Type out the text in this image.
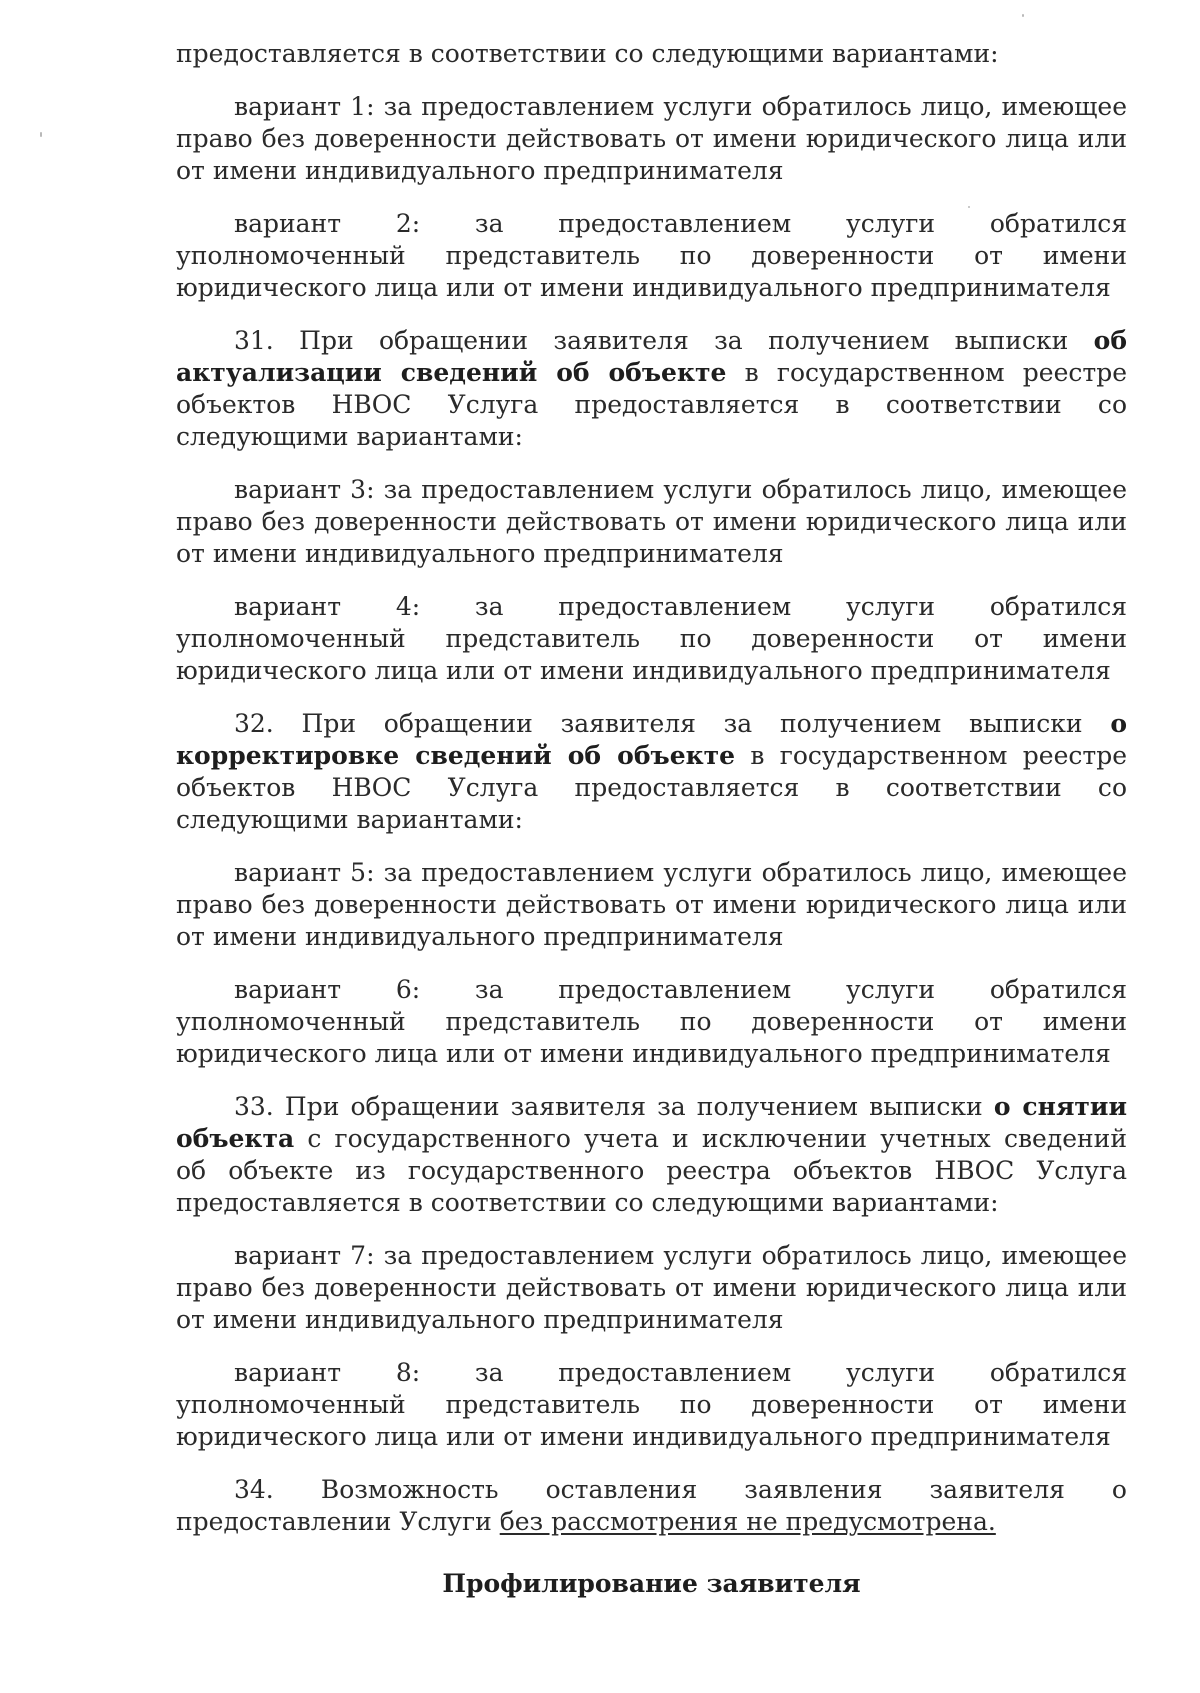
предоставляется в соответствии со следующими вариантами:

вариант 1: за предоставлением услуги обратилось лицо, имеющее право без доверенности действовать от имени юридического лица или от имени индивидуального предпринимателя

вариант 2: за предоставлением услуги обратился уполномоченный представитель по доверенности от имени юридического лица или от имени индивидуального предпринимателя

31. При обращении заявителя за получением выписки об актуализации сведений об объекте в государственном реестре объектов НВОС Услуга предоставляется в соответствии со следующими вариантами:

вариант 3: за предоставлением услуги обратилось лицо, имеющее право без доверенности действовать от имени юридического лица или от имени индивидуального предпринимателя

вариант 4: за предоставлением услуги обратился уполномоченный представитель по доверенности от имени юридического лица или от имени индивидуального предпринимателя

32. При обращении заявителя за получением выписки о корректировке сведений об объекте в государственном реестре объектов НВОС Услуга предоставляется в соответствии со следующими вариантами:

вариант 5: за предоставлением услуги обратилось лицо, имеющее право без доверенности действовать от имени юридического лица или от имени индивидуального предпринимателя

вариант 6: за предоставлением услуги обратился уполномоченный представитель по доверенности от имени юридического лица или от имени индивидуального предпринимателя

33. При обращении заявителя за получением выписки о снятии объекта с государственного учета и исключении учетных сведений об объекте из государственного реестра объектов НВОС Услуга предоставляется в соответствии со следующими вариантами:

вариант 7: за предоставлением услуги обратилось лицо, имеющее право без доверенности действовать от имени юридического лица или от имени индивидуального предпринимателя

вариант 8: за предоставлением услуги обратился уполномоченный представитель по доверенности от имени юридического лица или от имени индивидуального предпринимателя

34. Возможность оставления заявления заявителя о предоставлении Услуги без рассмотрения не предусмотрена.

Профилирование заявителя
